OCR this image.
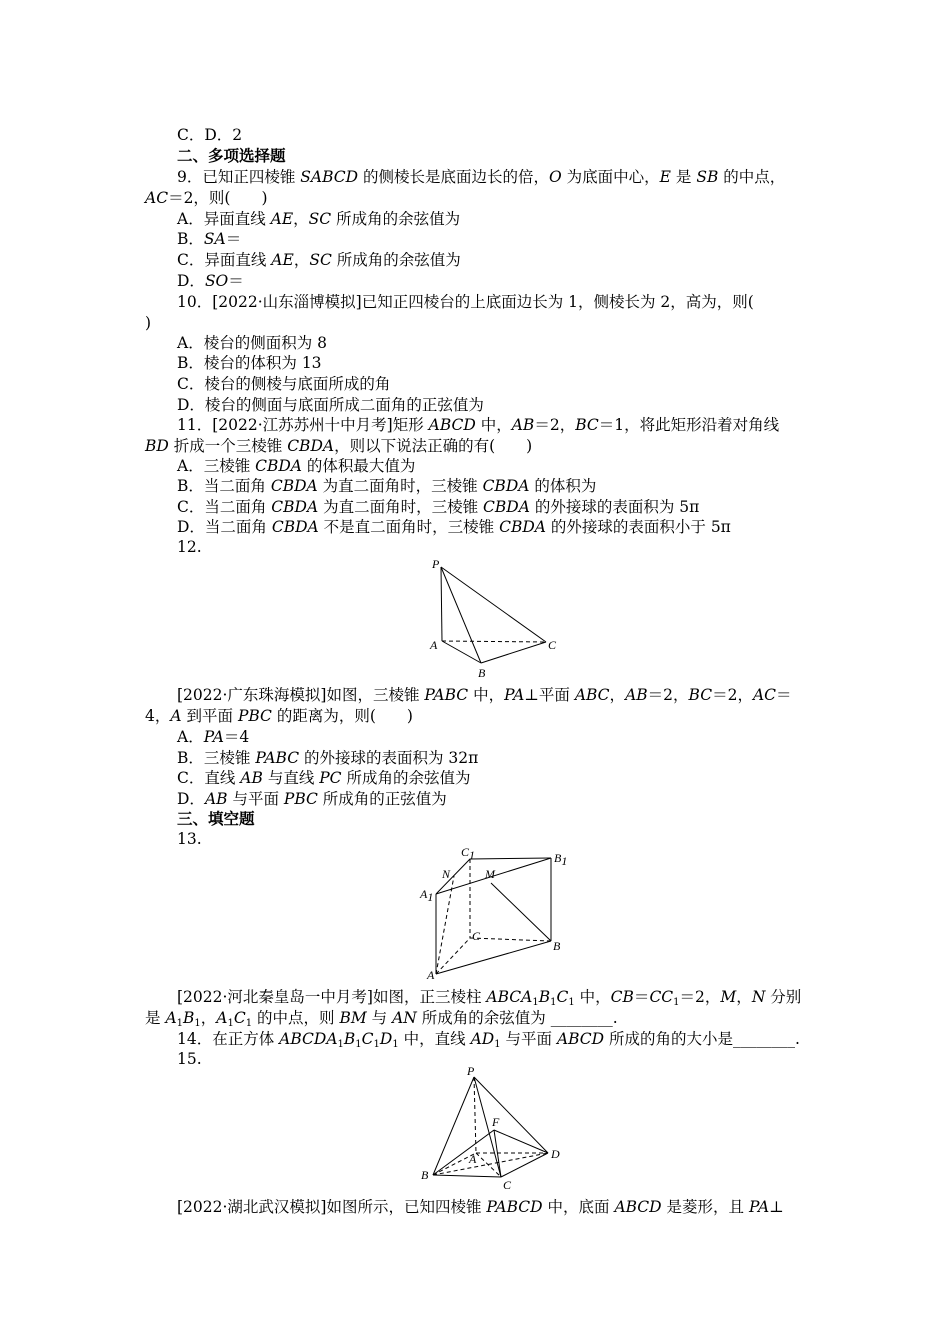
C．D．2
二、多项选择题
9．已知正四棱锥 SABCD 的侧棱长是底面边长的倍，O 为底面中心，E 是 SB 的中点，
AC＝2，则(　　)
A．异面直线 AE，SC 所成角的余弦值为
B．SA＝
C．异面直线 AE，SC 所成角的余弦值为
D．SO＝
10．[2022·山东淄博模拟]已知正四棱台的上底面边长为 1，侧棱长为 2，高为，则(
)
A．棱台的侧面积为 8
B．棱台的体积为 13
C．棱台的侧棱与底面所成的角
D．棱台的侧面与底面所成二面角的正弦值为
11．[2022·江苏苏州十中月考]矩形 ABCD 中，AB＝2，BC＝1，将此矩形沿着对角线
BD 折成一个三棱锥 CBDA，则以下说法正确的有(　　)
A．三棱锥 CBDA 的体积最大值为
B．当二面角 CBDA 为直二面角时，三棱锥 CBDA 的体积为
C．当二面角 CBDA 为直二面角时，三棱锥 CBDA 的外接球的表面积为 5π
D．当二面角 CBDA 不是直二面角时，三棱锥 CBDA 的外接球的表面积小于 5π
12.
P
A
B
C
[2022·广东珠海模拟]如图，三棱锥 PABC 中，PA⊥平面 ABC，AB＝2，BC＝2，AC＝
4，A 到平面 PBC 的距离为，则(　　)
A．PA＝4
B．三棱锥 PABC 的外接球的表面积为 32π
C．直线 AB 与直线 PC 所成角的余弦值为
D．AB 与平面 PBC 所成角的正弦值为
三、填空题
13.
C1	B1
N	M
A1
C
B
A
[2022·河北秦皇岛一中月考]如图，正三棱柱 $ABCA_1B_1C_1$ 中，$CB=CC_1=2$，M，N 分别
是 $A_1B_1$，$A_1C_1$ 的中点，则 BM 与 AN 所成角的余弦值为 ________.
14．在正方体 $ABCDA_1B_1C_1D_1$ 中，直线 $AD_1$ 与平面 ABCD 所成的角的大小是________.
15.
P
F
A	D
B
C
[2022·湖北武汉模拟]如图所示，已知四棱锥 PABCD 中，底面 ABCD 是菱形，且 PA⊥
